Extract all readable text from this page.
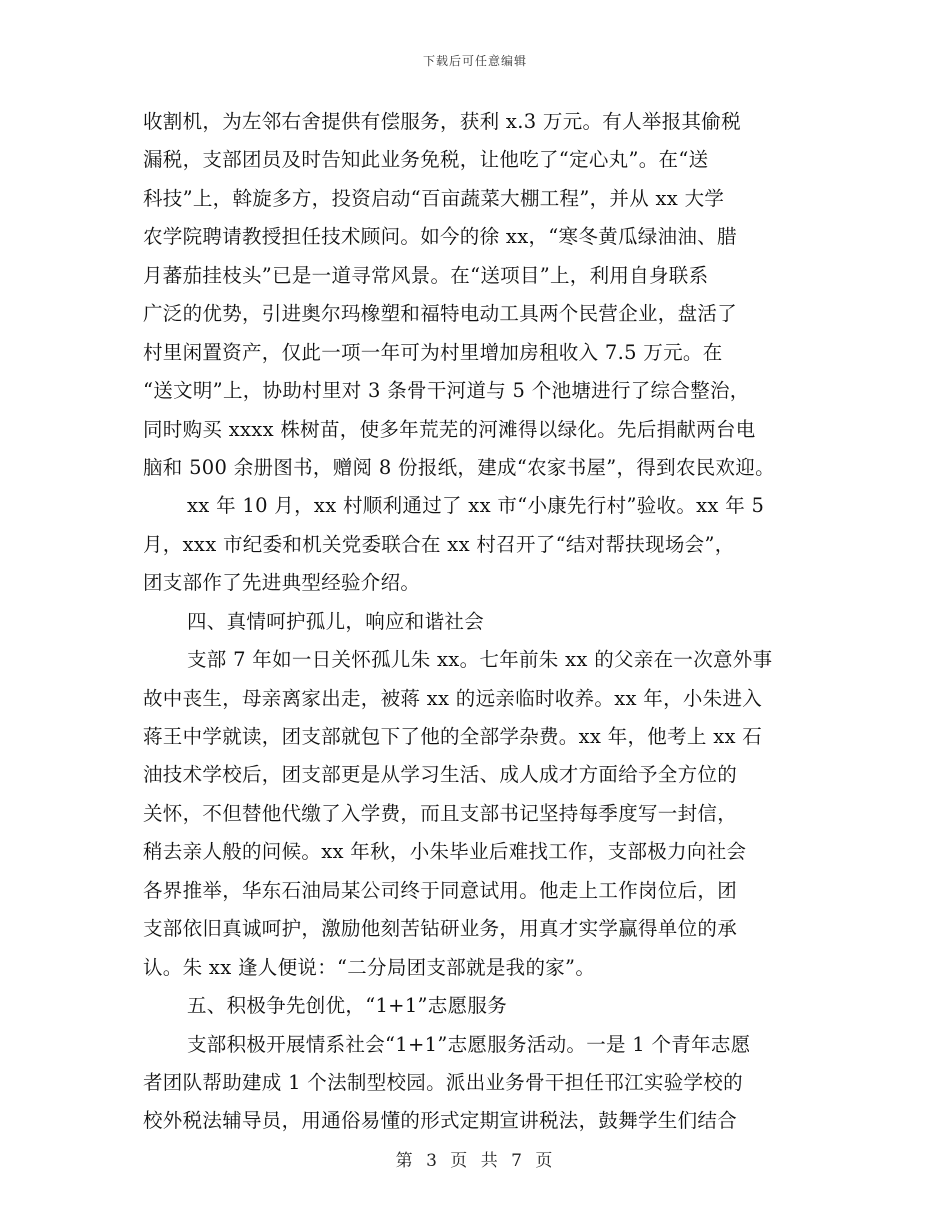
下载后可任意编辑
收割机，为左邻右舍提供有偿服务，获利 x.3 万元。有人举报其偷税
漏税，支部团员及时告知此业务免税，让他吃了“定心丸”。在“送
科技”上，斡旋多方，投资启动“百亩蔬菜大棚工程”，并从 xx 大学
农学院聘请教授担任技术顾问。如今的徐 xx，“寒冬黄瓜绿油油、腊
月蕃茄挂枝头”已是一道寻常风景。在“送项目”上，利用自身联系
广泛的优势，引进奥尔玛橡塑和福特电动工具两个民营企业，盘活了
村里闲置资产，仅此一项一年可为村里增加房租收入 7.5 万元。在
“送文明”上，协助村里对 3 条骨干河道与 5 个池塘进行了综合整治，
同时购买 xxxx 株树苗，使多年荒芜的河滩得以绿化。先后捐献两台电
脑和 500 余册图书，赠阅 8 份报纸，建成“农家书屋”，得到农民欢迎。
xx 年 10 月，xx 村顺利通过了 xx 市“小康先行村”验收。xx 年 5
月，xxx 市纪委和机关党委联合在 xx 村召开了“结对帮扶现场会”，
团支部作了先进典型经验介绍。
四、真情呵护孤儿，响应和谐社会
支部 7 年如一日关怀孤儿朱 xx。七年前朱 xx 的父亲在一次意外事
故中丧生，母亲离家出走，被蒋 xx 的远亲临时收养。xx 年，小朱进入
蒋王中学就读，团支部就包下了他的全部学杂费。xx 年，他考上 xx 石
油技术学校后，团支部更是从学习生活、成人成才方面给予全方位的
关怀，不但替他代缴了入学费，而且支部书记坚持每季度写一封信，
稍去亲人般的问候。xx 年秋，小朱毕业后难找工作，支部极力向社会
各界推举，华东石油局某公司终于同意试用。他走上工作岗位后，团
支部依旧真诚呵护，激励他刻苦钻研业务，用真才实学赢得单位的承
认。朱 xx 逢人便说：“二分局团支部就是我的家”。
五、积极争先创优，“1+1”志愿服务
支部积极开展情系社会“1+1”志愿服务活动。一是 1 个青年志愿
者团队帮助建成 1 个法制型校园。派出业务骨干担任邗江实验学校的
校外税法辅导员，用通俗易懂的形式定期宣讲税法，鼓舞学生们结合
第 3 页 共 7 页
